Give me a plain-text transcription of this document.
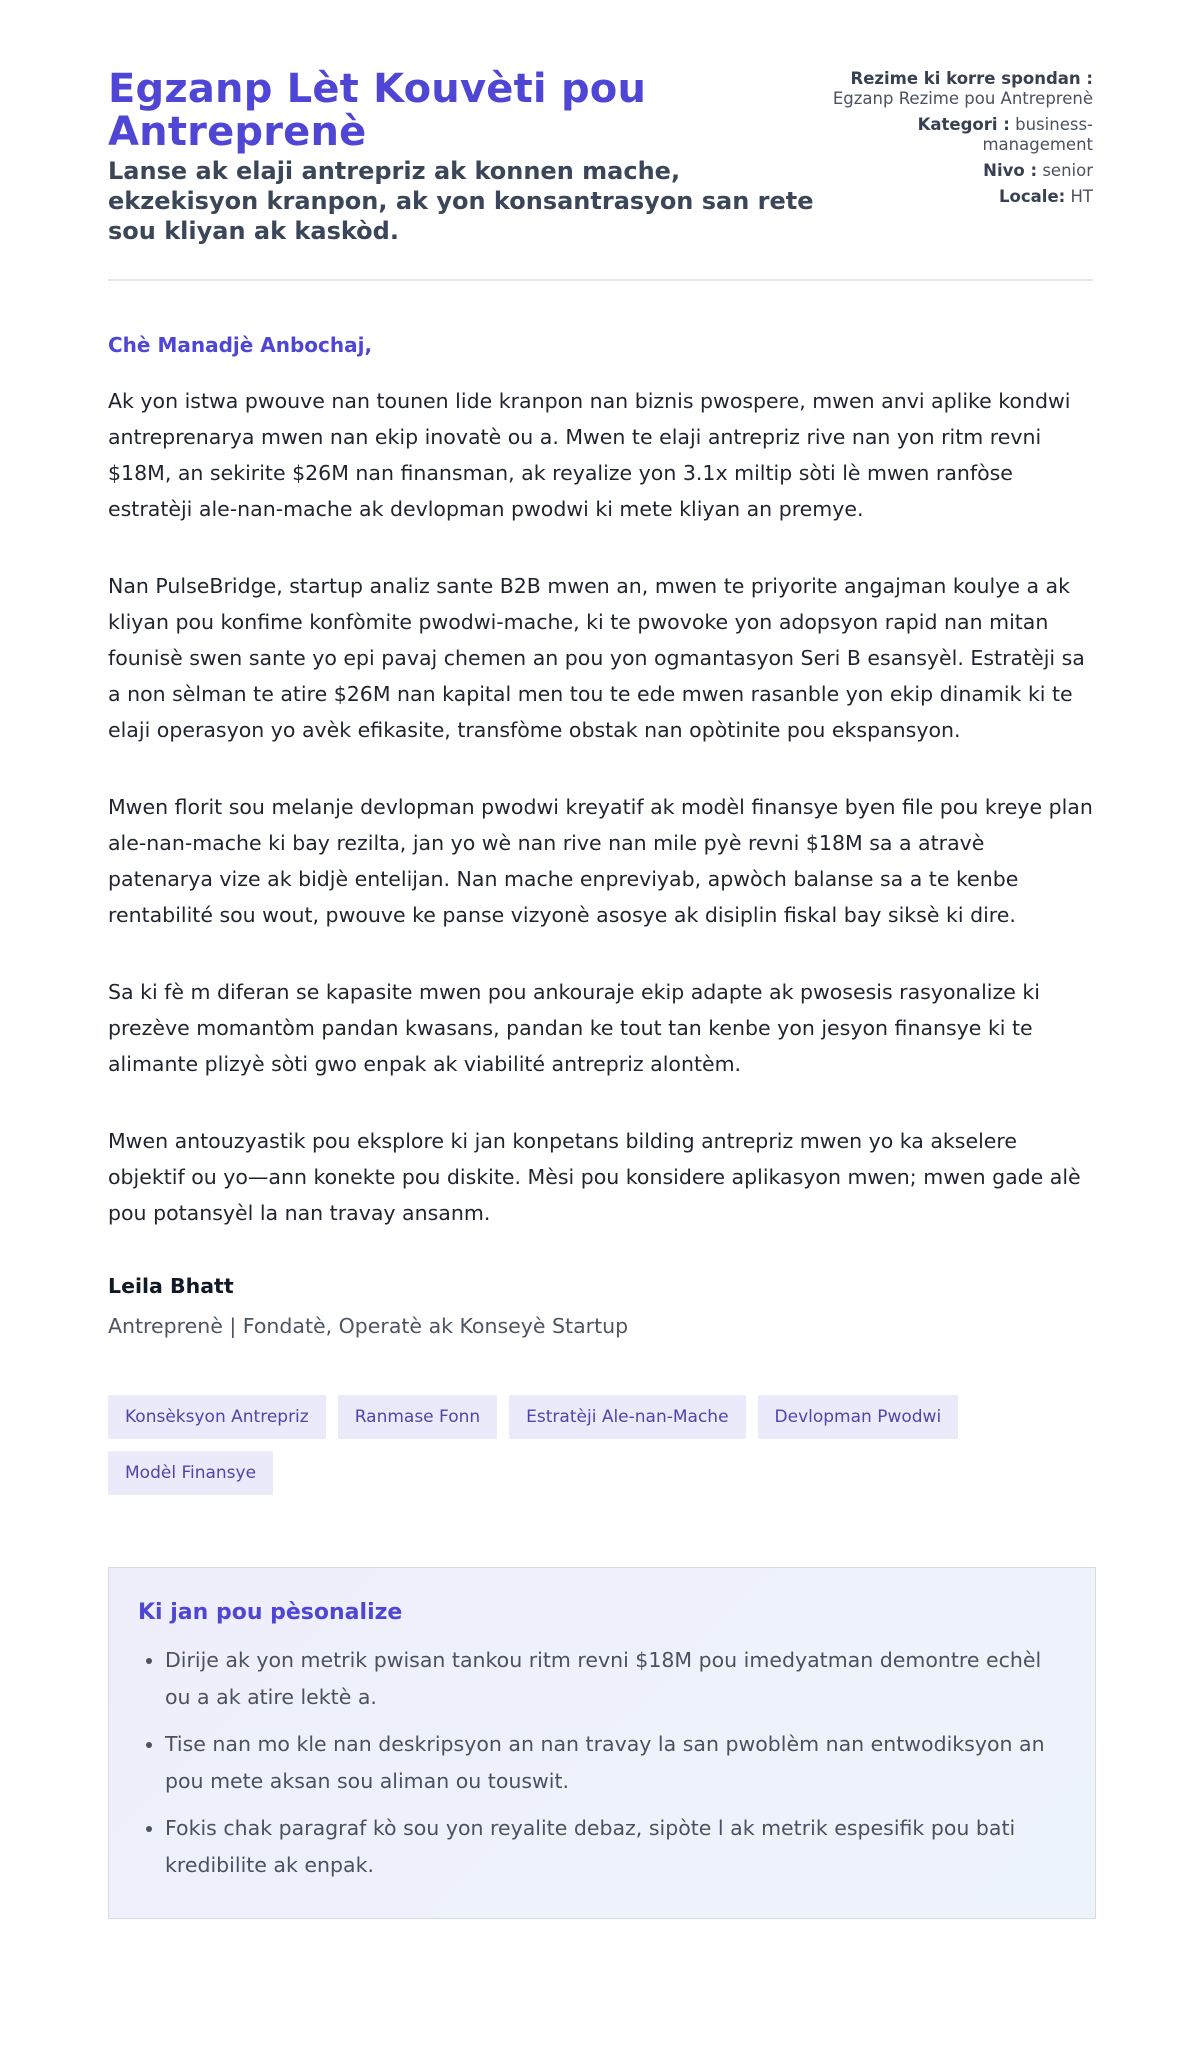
Egzanp Lèt Kouvèti pou Antreprenè
Lanse ak elaji antrepriz ak konnen mache, ekzekisyon kranpon, ak yon konsantrasyon san rete sou kliyan ak kaskòd.
Rezime ki korre spondan : Egzanp Rezime pou Antreprenè
Kategori : business-management
Nivo : senior
Locale: HT

Chè Manadjè Anbochaj,

Ak yon istwa pwouve nan tounen lide kranpon nan biznis pwospere, mwen anvi aplike kondwi antreprenarya mwen nan ekip inovatè ou a. Mwen te elaji antrepriz rive nan yon ritm revni $18M, an sekirite $26M nan finansman, ak reyalize yon 3.1x miltip sòti lè mwen ranfòse estratèji ale-nan-mache ak devlopman pwodwi ki mete kliyan an premye.

Nan PulseBridge, startup analiz sante B2B mwen an, mwen te priyorite angajman koulye a ak kliyan pou konfime konfòmite pwodwi-mache, ki te pwovoke yon adopsyon rapid nan mitan founisè swen sante yo epi pavaj chemen an pou yon ogmantasyon Seri B esansyèl. Estratèji sa a non sèlman te atire $26M nan kapital men tou te ede mwen rasanble yon ekip dinamik ki te elaji operasyon yo avèk efikasite, transfòme obstak nan opòtinite pou ekspansyon.

Mwen florit sou melanje devlopman pwodwi kreyatif ak modèl finansye byen file pou kreye plan ale-nan-mache ki bay rezilta, jan yo wè nan rive nan mile pyè revni $18M sa a atravè patenarya vize ak bidjè entelijan. Nan mache enpreviyab, apwòch balanse sa a te kenbe rentabilité sou wout, pwouve ke panse vizyonè asosye ak disiplin fiskal bay siksè ki dire.

Sa ki fè m diferan se kapasite mwen pou ankouraje ekip adapte ak pwosesis rasyonalize ki prezève momantòm pandan kwasans, pandan ke tout tan kenbe yon jesyon finansye ki te alimante plizyè sòti gwo enpak ak viabilité antrepriz alontèm.

Mwen antouzyastik pou eksplore ki jan konpetans bilding antrepriz mwen yo ka akselere objektif ou yo—ann konekte pou diskite. Mèsi pou konsidere aplikasyon mwen; mwen gade alè pou potansyèl la nan travay ansanm.

Leila Bhatt

Antreprenè | Fondatè, Operatè ak Konseyè Startup

Konsèksyon Antrepriz	Ranmase Fonn	Estratèji Ale-nan-Mache	Devlopman Pwodwi
Modèl Finansye
Ki jan pou pèsonalize
• Dirije ak yon metrik pwisan tankou ritm revni $18M pou imedyatman demontre echèl ou a ak atire lektè a.
• Tise nan mo kle nan deskripsyon an nan travay la san pwoblèm nan entwodiksyon an pou mete aksan sou aliman ou touswit.
• Fokis chak paragraf kò sou yon reyalite debaz, sipòte l ak metrik espesifik pou bati kredibilite ak enpak.
